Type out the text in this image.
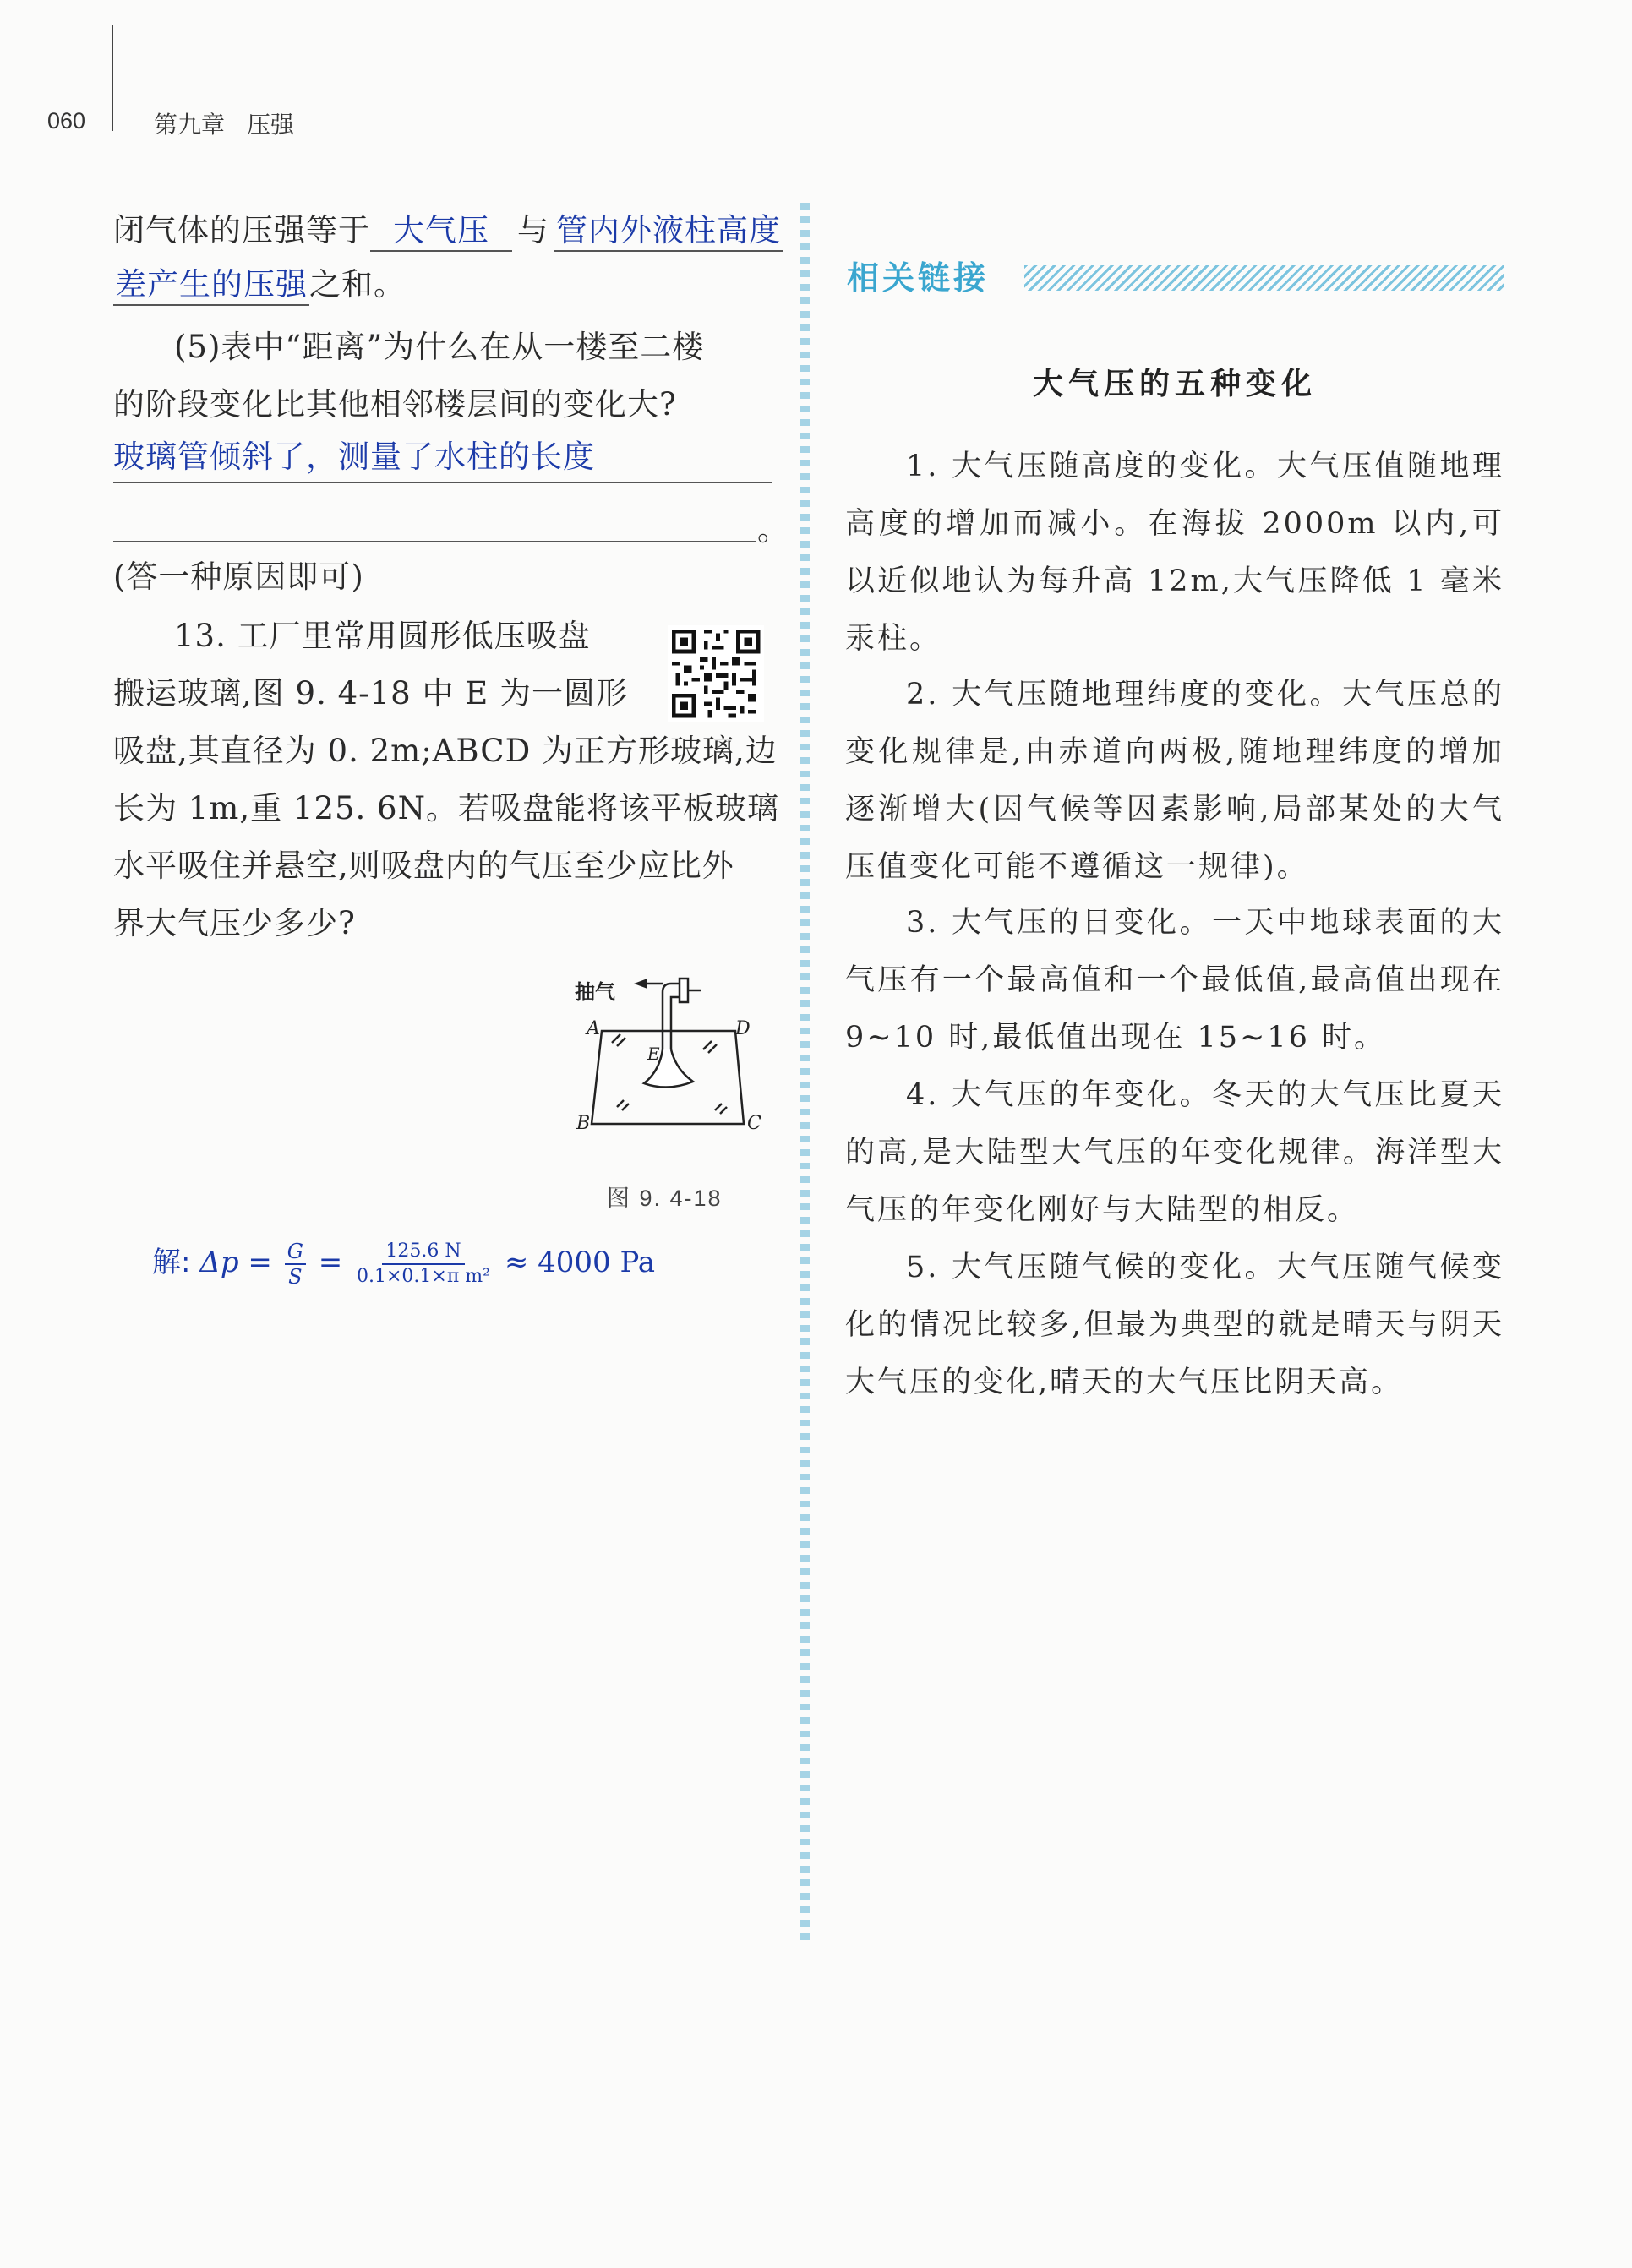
060	第九章 压强
闭气体的压强等于 大气压 与 管内外液柱高度
差产生的压强之和。
(5)表中“距离”为什么在从一楼至二楼
的阶段变化比其他相邻楼层间的变化大?
玻璃管倾斜了，测量了水柱的长度
。
(答一种原因即可)
13. 工厂里常用圆形低压吸盘
搬运玻璃,图 9. 4-18 中 E 为一圆形
吸盘,其直径为 0. 2m;ABCD 为正方形玻璃,边
长为 1m,重 125. 6N。若吸盘能将该平板玻璃
水平吸住并悬空,则吸盘内的气压至少应比外
界大气压少多少?
抽气
A	D
B	C
E
图 9. 4-18
解: $\Delta p = \frac{G}{S} = \frac{125.6 N}{\text{0.1×0.1×π m²}} \approx 4000$ Pa
相关链接
大气压的五种变化
1. 大气压随高度的变化。大气压值随地理高度的增加而减小。在海拔 2000m 以内,可以近似地认为每升高 12m,大气压降低 1 毫米汞柱。
2. 大气压随地理纬度的变化。大气压总的变化规律是,由赤道向两极,随地理纬度的增加逐渐增大(因气候等因素影响,局部某处的大气压值变化可能不遵循这一规律)。
3. 大气压的日变化。一天中地球表面的大气压有一个最高值和一个最低值,最高值出现在 9~10 时,最低值出现在 15~16 时。
4. 大气压的年变化。冬天的大气压比夏天的高,是大陆型大气压的年变化规律。海洋型大气压的年变化刚好与大陆型的相反。
5. 大气压随气候的变化。大气压随气候变化的情况比较多,但最为典型的就是晴天与阴天大气压的变化,晴天的大气压比阴天高。
